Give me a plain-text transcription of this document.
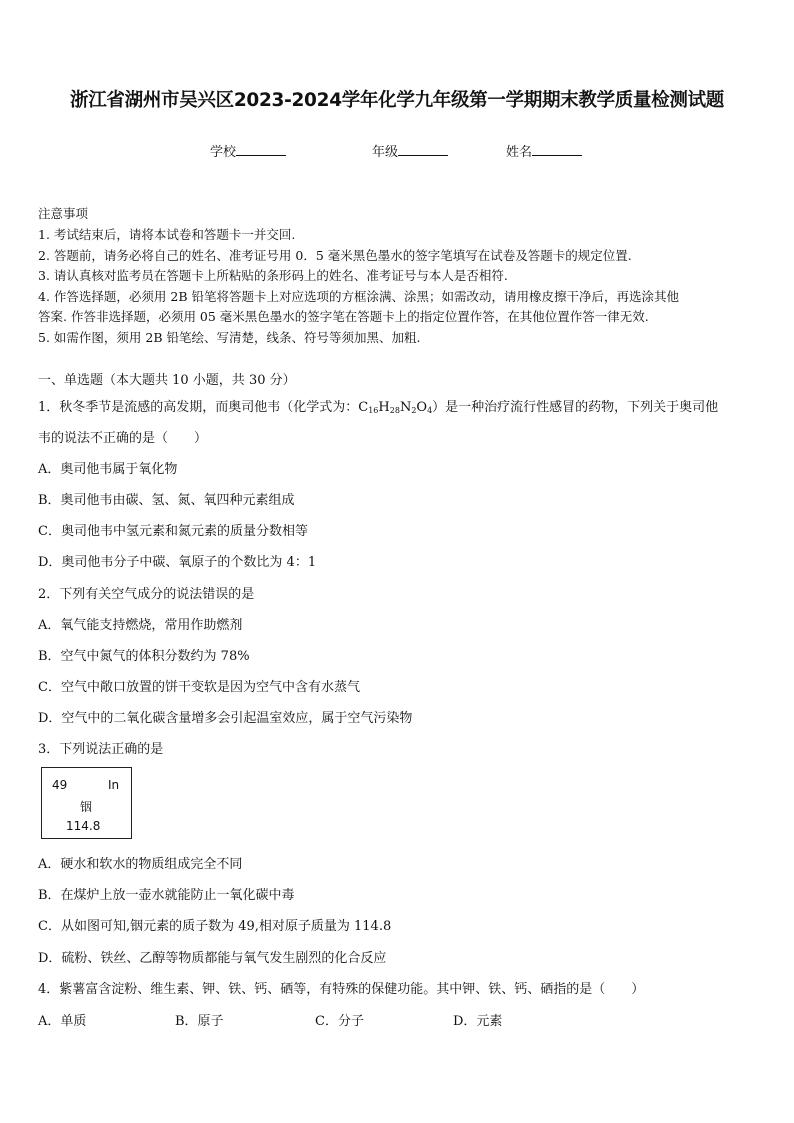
浙江省湖州市吴兴区2023-2024学年化学九年级第一学期期末教学质量检测试题
学校	年级	姓名
注意事项
1. 考试结束后，请将本试卷和答题卡一并交回.
2. 答题前，请务必将自己的姓名、准考证号用 0．5 毫米黑色墨水的签字笔填写在试卷及答题卡的规定位置.
3. 请认真核对监考员在答题卡上所粘贴的条形码上的姓名、准考证号与本人是否相符.
4. 作答选择题，必须用 2B 铅笔将答题卡上对应选项的方框涂满、涂黑；如需改动，请用橡皮擦干净后，再选涂其他
答案. 作答非选择题，必须用 05 毫米黑色墨水的签字笔在答题卡上的指定位置作答，在其他位置作答一律无效.
5. 如需作图，须用 2B 铅笔绘、写清楚，线条、符号等须加黑、加粗.
一、单选题（本大题共 10 小题，共 30 分）
1．秋冬季节是流感的高发期，而奥司他韦（化学式为：$C_{16}H_{28}N_2O_4$）是一种治疗流行性感冒的药物，下列关于奥司他
韦的说法不正确的是（　　）
A．奥司他韦属于氧化物
B．奥司他韦由碳、氢、氮、氧四种元素组成
C．奥司他韦中氢元素和氮元素的质量分数相等
D．奥司他韦分子中碳、氧原子的个数比为 4：1
2．下列有关空气成分的说法错误的是
A．氧气能支持燃烧，常用作助燃剂
B．空气中氮气的体积分数约为 78%
C．空气中敞口放置的饼干变软是因为空气中含有水蒸气
D．空气中的二氧化碳含量增多会引起温室效应，属于空气污染物
3．下列说法正确的是
49	In
铟
114.8
A．硬水和软水的物质组成完全不同
B．在煤炉上放一壶水就能防止一氧化碳中毒
C．从如图可知,铟元素的质子数为 49,相对原子质量为 114.8
D．硫粉、铁丝、乙醇等物质都能与氧气发生剧烈的化合反应
4．紫薯富含淀粉、维生素、钾、铁、钙、硒等，有特殊的保健功能。其中钾、铁、钙、硒指的是（　　）
A．单质	B．原子	C．分子	D．元素
